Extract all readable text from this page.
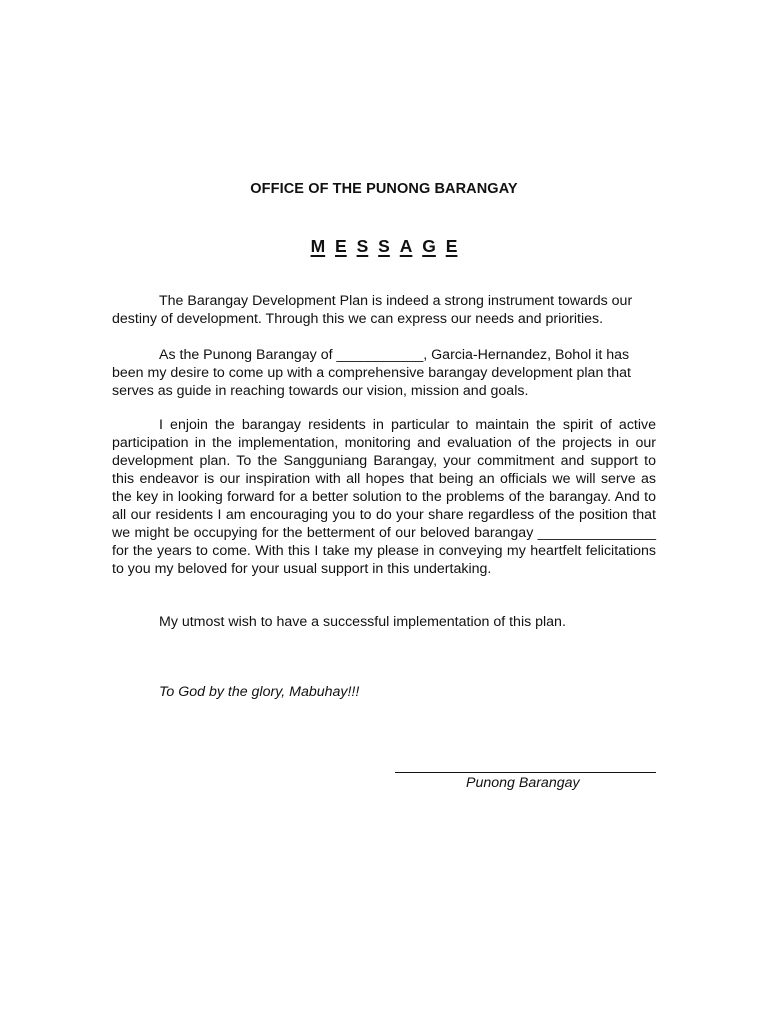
OFFICE OF THE PUNONG BARANGAY
M E S S A G E

The Barangay Development Plan is indeed a strong instrument towards our destiny of development. Through this we can express our needs and priorities.

As the Punong Barangay of ___________, Garcia-Hernandez, Bohol it has been my desire to come up with a comprehensive barangay development plan that serves as guide in reaching towards our vision, mission and goals.

I enjoin the barangay residents in particular to maintain the spirit of active participation in the implementation, monitoring and evaluation of the projects in our development plan. To the Sangguniang Barangay, your commitment and support to this endeavor is our inspiration with all hopes that being an officials we will serve as the key in looking forward for a better solution to the problems of the barangay. And to all our residents I am encouraging you to do your share regardless of the position that we might be occupying for the betterment of our beloved barangay _______________ for the years to come. With this I take my please in conveying my heartfelt felicitations to you my beloved for your usual support in this undertaking.

My utmost wish to have a successful implementation of this plan.

To God by the glory, Mabuhay!!!

Punong Barangay
